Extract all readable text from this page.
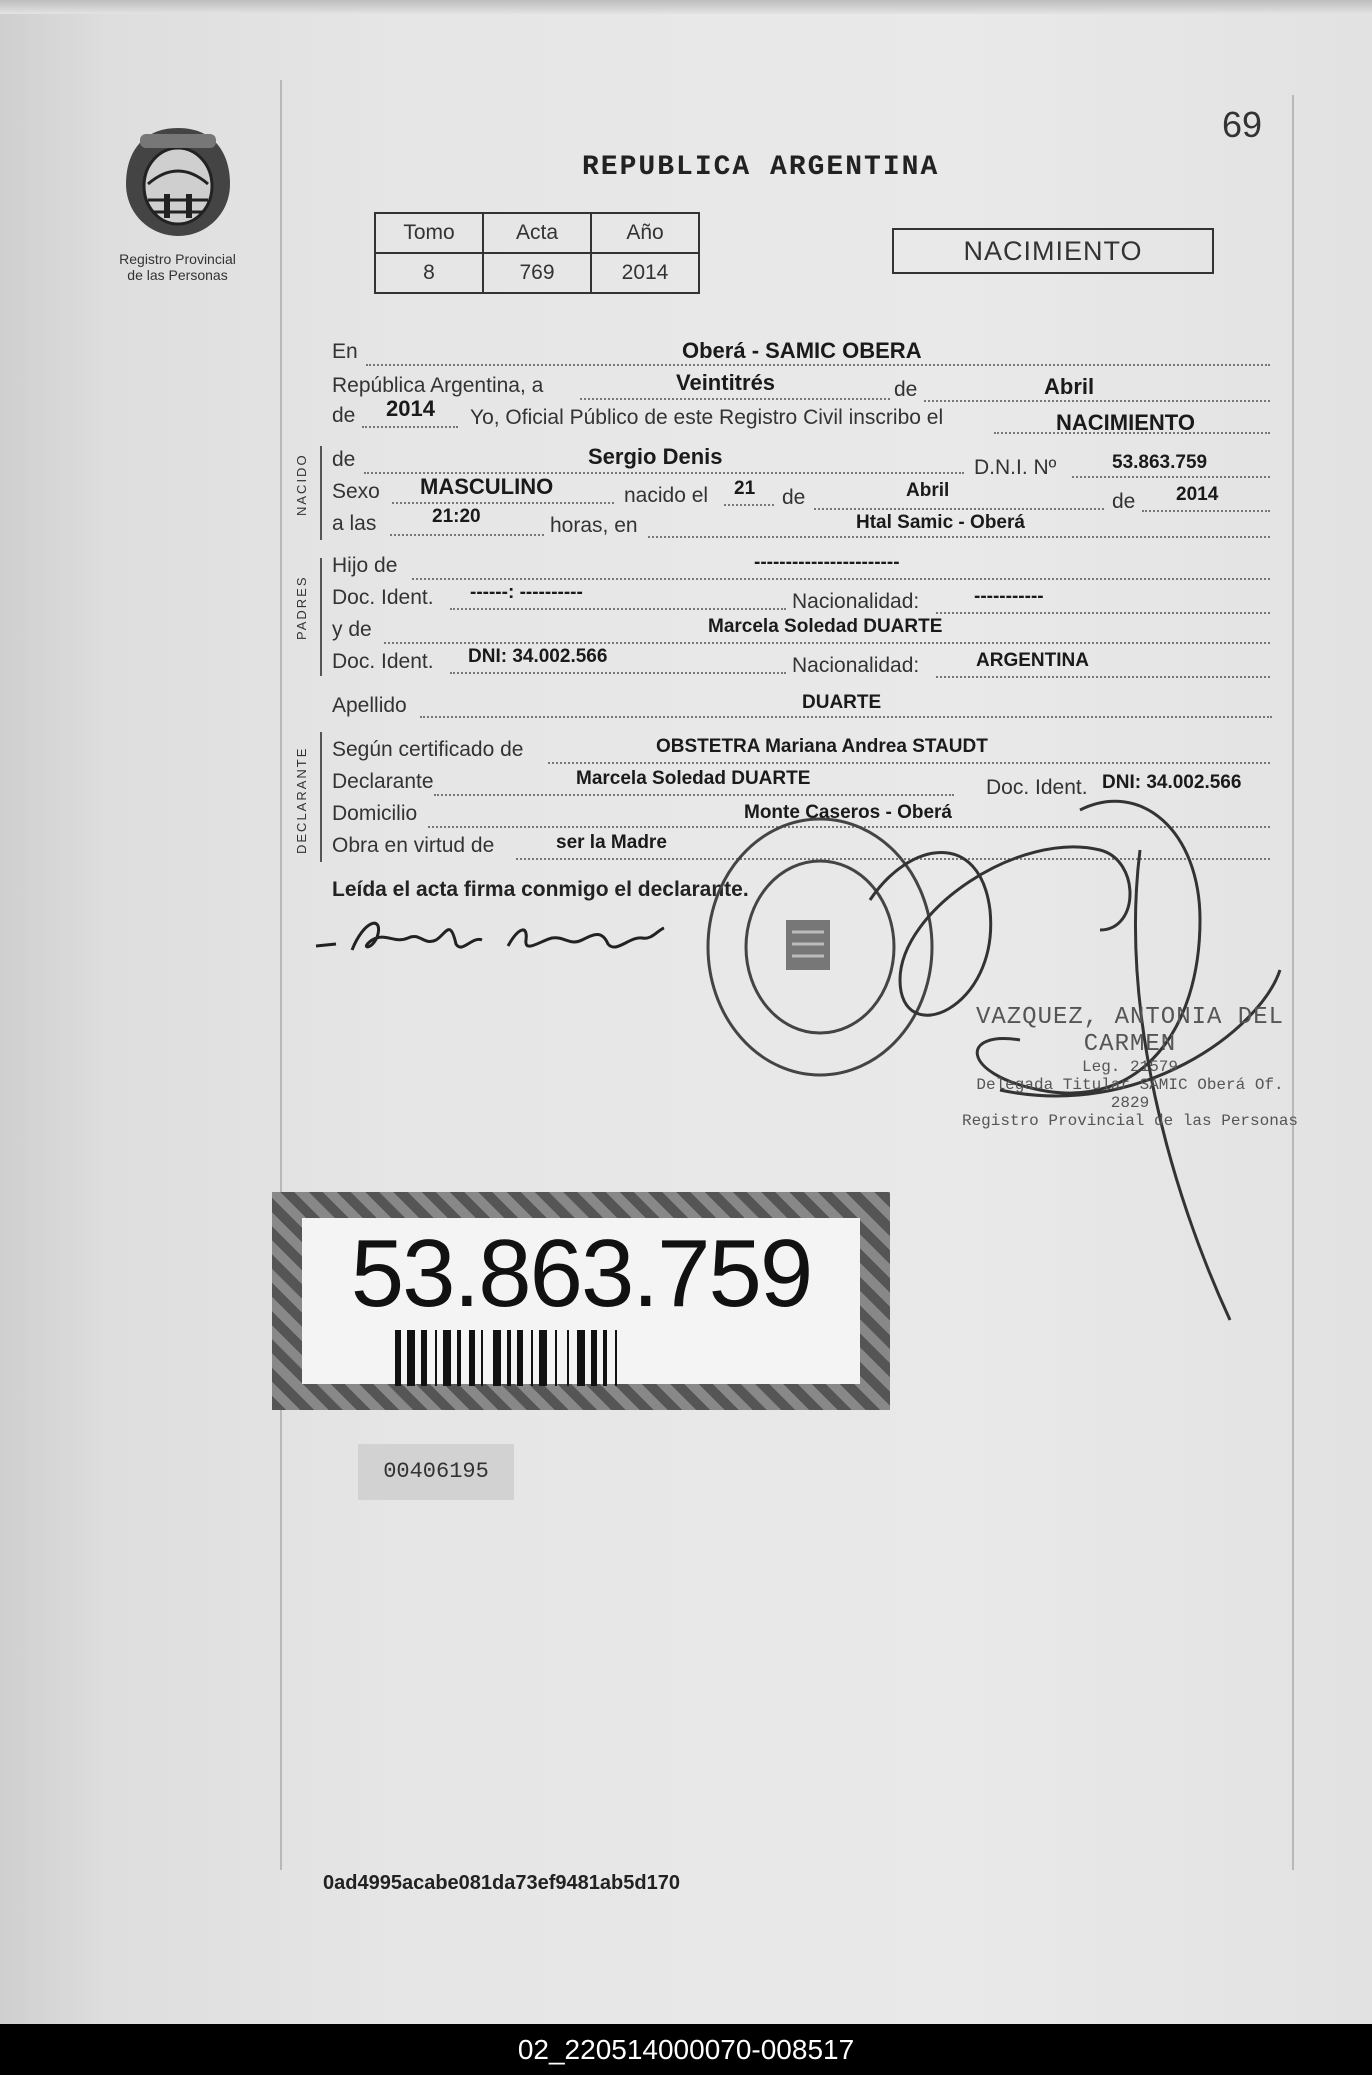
69
REPUBLICA ARGENTINA
Registro Provincial
de las Personas
Tomo	Acta	Año
8	769	2014
NACIMIENTO
NACIDO
PADRES
DECLARANTE
En	Oberá - SAMIC OBERA
República Argentina, a	Veintitrés	de	Abril
de 2014 Yo, Oficial Público de este Registro Civil inscribo el	NACIMIENTO
de	Sergio Denis	D.N.I. Nº	53.863.759
Sexo MASCULINO	nacido el 21 de	Abril	de 2014
a las	21:20	horas, en	Htal Samic - Oberá
Hijo de	-----------------------
Doc. Ident. ------: ----------	Nacionalidad:	-----------
y de	Marcela Soledad DUARTE
Doc. Ident. DNI: 34.002.566	Nacionalidad:	ARGENTINA
Apellido	DUARTE
Según certificado de	OBSTETRA Mariana Andrea STAUDT
Declarante	Marcela Soledad DUARTE	Doc. Ident. DNI: 34.002.566
Domicilio	Monte Caseros - Oberá
Obra en virtud de	ser la Madre
Leída el acta firma conmigo el declarante.
VAZQUEZ, ANTONIA DEL CARMEN
Leg. 21579
Delegada Titular SAMIC Oberá Of. 2829
Registro Provincial de las Personas
53.863.759
00406195
0ad4995acabe081da73ef9481ab5d170
02_220514000070-008517
